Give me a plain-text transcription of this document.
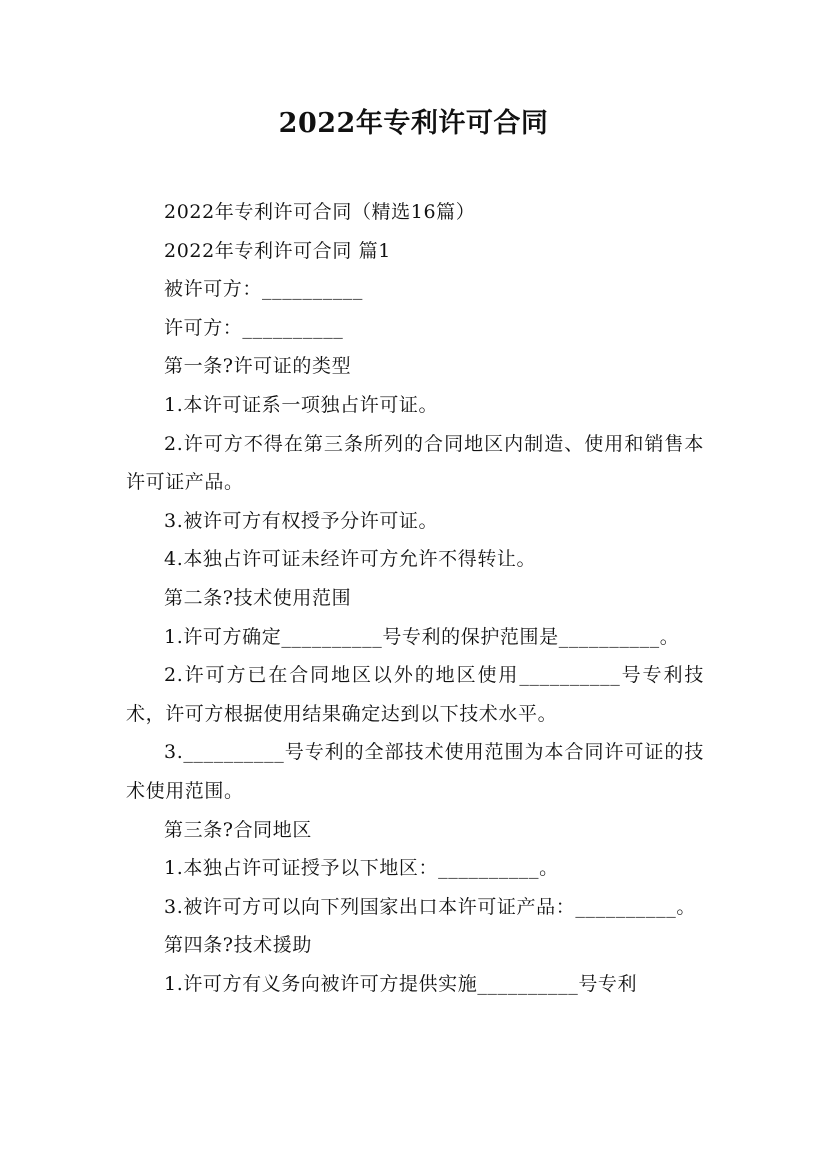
2022年专利许可合同

2022年专利许可合同（精选16篇）

2022年专利许可合同 篇1

被许可方：__________

许可方：__________

第一条?许可证的类型

1.本许可证系一项独占许可证。

2.许可方不得在第三条所列的合同地区内制造、使用和销售本许可证产品。

3.被许可方有权授予分许可证。

4.本独占许可证未经许可方允许不得转让。

第二条?技术使用范围

1.许可方确定__________号专利的保护范围是__________。

2.许可方已在合同地区以外的地区使用__________号专利技术，许可方根据使用结果确定达到以下技术水平。

3.__________号专利的全部技术使用范围为本合同许可证的技术使用范围。

第三条?合同地区

1.本独占许可证授予以下地区：__________。

3.被许可方可以向下列国家出口本许可证产品：__________。

第四条?技术援助

1.许可方有义务向被许可方提供实施__________号专利
